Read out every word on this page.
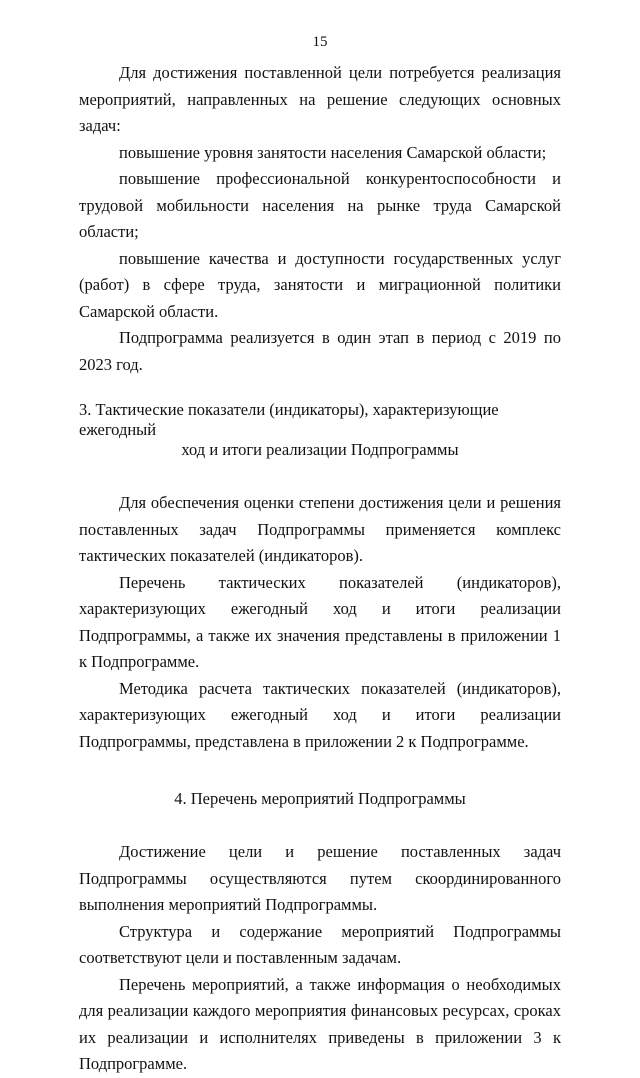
15

Для достижения поставленной цели потребуется реализация мероприятий, направленных на решение следующих основных задач:

повышение уровня занятости населения Самарской области;

повышение профессиональной конкурентоспособности и трудовой мобильности населения на рынке труда Самарской области;

повышение качества и доступности государственных услуг (работ) в сфере труда, занятости и миграционной политики Самарской области.

Подпрограмма реализуется в один этап в период с 2019 по 2023 год.

3. Тактические показатели (индикаторы), характеризующие ежегодный
ход и итоги реализации Подпрограммы

Для обеспечения оценки степени достижения цели и решения поставленных задач Подпрограммы применяется комплекс тактических показателей (индикаторов).

Перечень тактических показателей (индикаторов), характеризующих ежегодный ход и итоги реализации Подпрограммы, а также их значения представлены в приложении 1 к Подпрограмме.

Методика расчета тактических показателей (индикаторов), характеризующих ежегодный ход и итоги реализации Подпрограммы, представлена в приложении 2 к Подпрограмме.

4. Перечень мероприятий Подпрограммы

Достижение цели и решение поставленных задач Подпрограммы осуществляются путем скоординированного выполнения мероприятий Подпрограммы.

Структура и содержание мероприятий Подпрограммы соответствуют цели и поставленным задачам.

Перечень мероприятий, а также информация о необходимых для реализации каждого мероприятия финансовых ресурсах, сроках их реализации и исполнителях приведены в приложении 3 к Подпрограмме.
